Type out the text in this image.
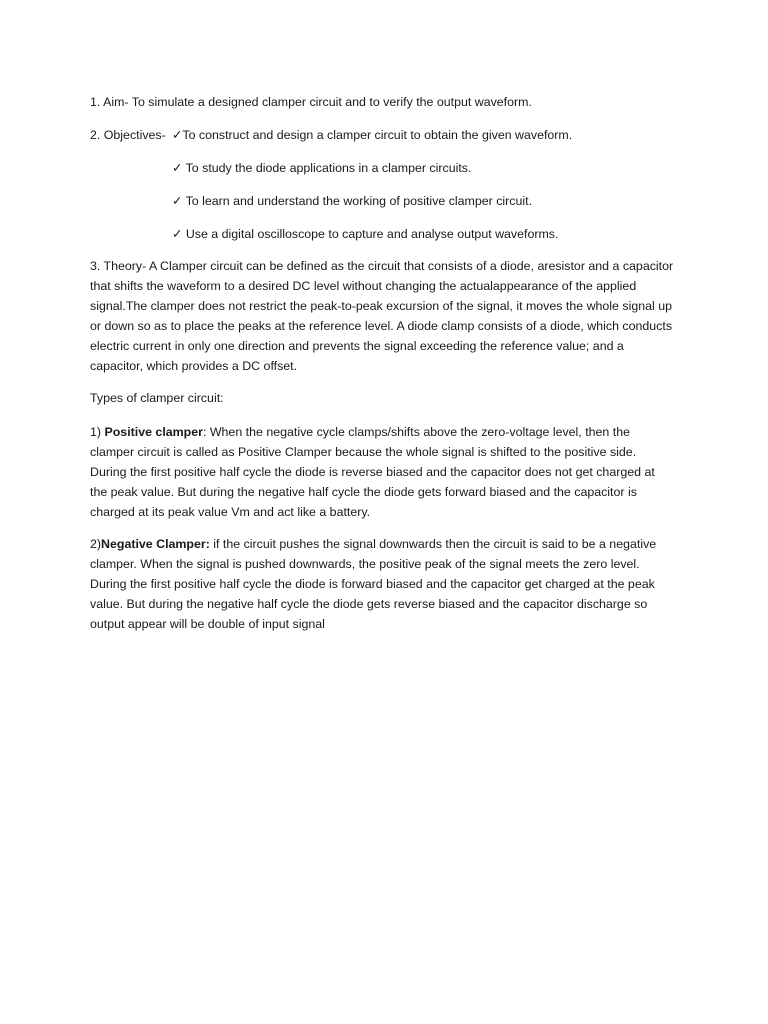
1. Aim- To simulate a designed clamper circuit and to verify the output waveform.

2. Objectives- ✓To construct and design a clamper circuit to obtain the given waveform.
✓ To study the diode applications in a clamper circuits.
✓ To learn and understand the working of positive clamper circuit.
✓ Use a digital oscilloscope to capture and analyse output waveforms.

3. Theory- A Clamper circuit can be defined as the circuit that consists of a diode, aresistor and a capacitor that shifts the waveform to a desired DC level without changing the actualappearance of the applied signal.The clamper does not restrict the peak-to-peak excursion of the signal, it moves the whole signal up or down so as to place the peaks at the reference level. A diode clamp consists of a diode, which conducts electric current in only one direction and prevents the signal exceeding the reference value; and a capacitor, which provides a DC offset.

Types of clamper circuit:

1) Positive clamper: When the negative cycle clamps/shifts above the zero-voltage level, then the clamper circuit is called as Positive Clamper because the whole signal is shifted to the positive side. During the first positive half cycle the diode is reverse biased and the capacitor does not get charged at the peak value. But during the negative half cycle the diode gets forward biased and the capacitor is charged at its peak value Vm and act like a battery.

2)Negative Clamper: if the circuit pushes the signal downwards then the circuit is said to be a negative clamper. When the signal is pushed downwards, the positive peak of the signal meets the zero level. During the first positive half cycle the diode is forward biased and the capacitor get charged at the peak value. But during the negative half cycle the diode gets reverse biased and the capacitor discharge so output appear will be double of input signal
